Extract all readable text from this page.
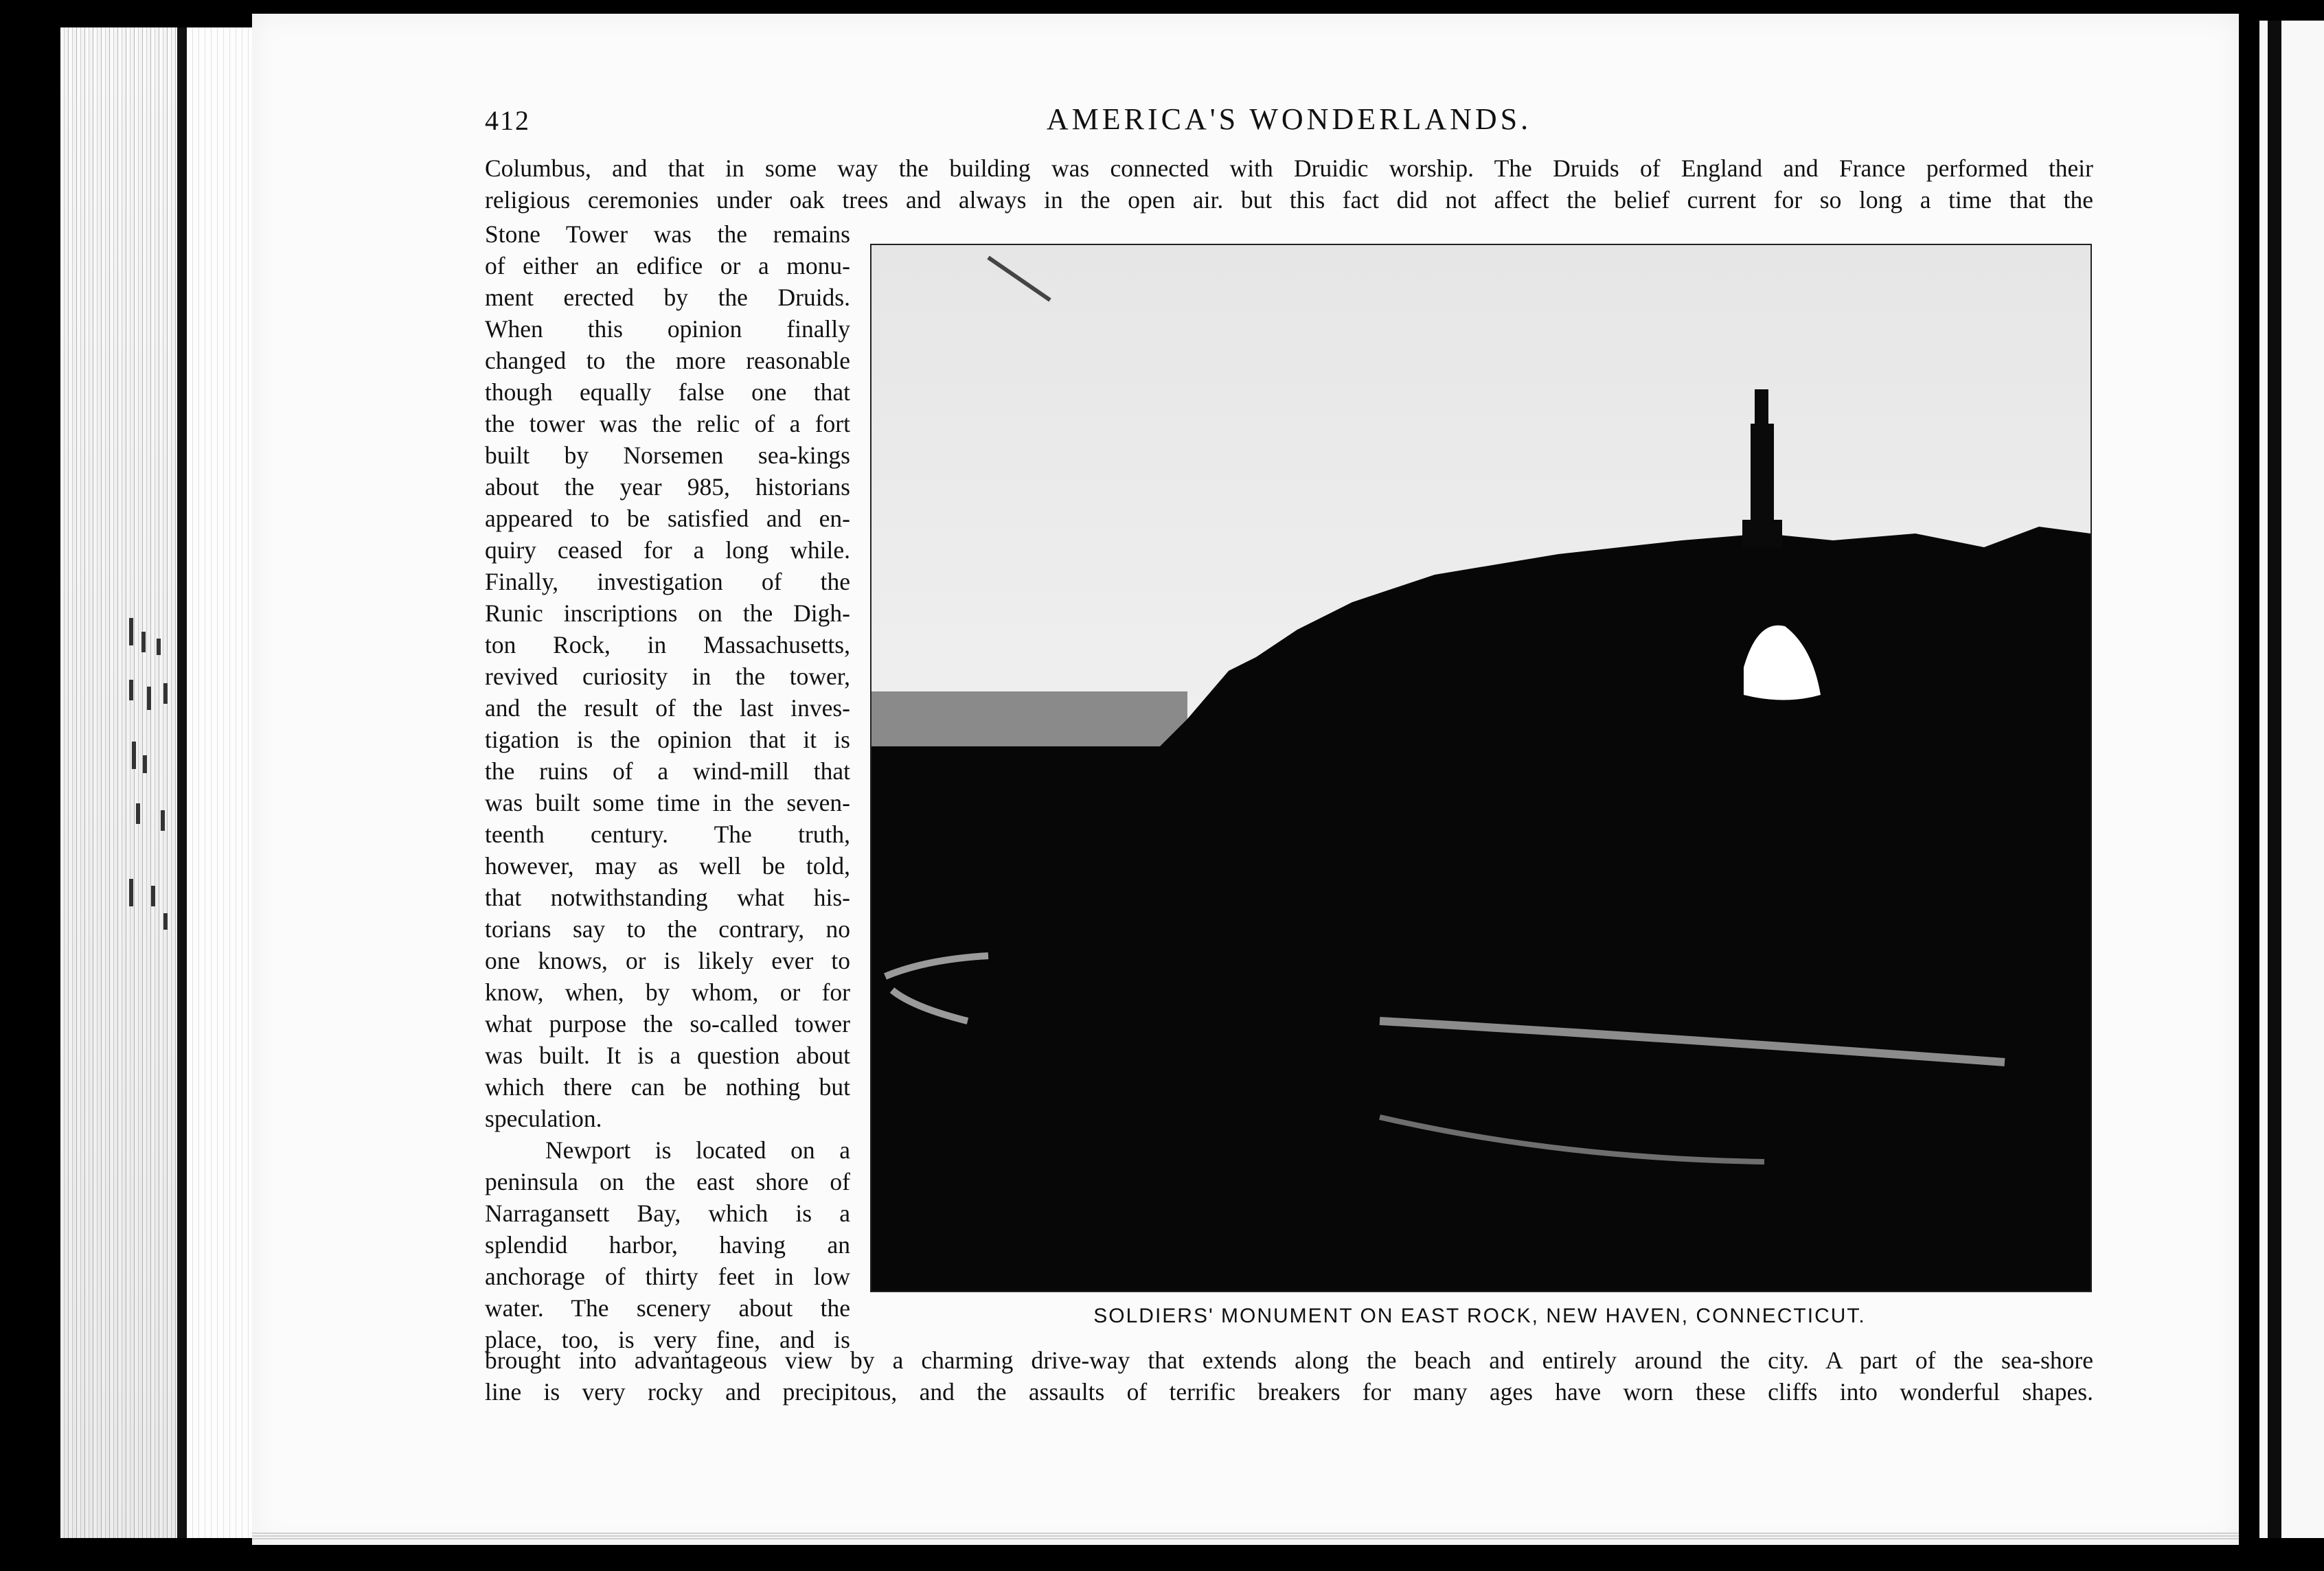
412	AMERICA'S WONDERLANDS.
Columbus, and that in some way the building was connected with Druidic worship. The Druids of England and France performed their
religious ceremonies under oak trees and always in the open air. but this fact did not affect the belief current for so long a time that the
Stone Tower was the remains
of either an edifice or a monu-
ment erected by the Druids.
When this opinion finally
changed to the more reasonable
though equally false one that
the tower was the relic of a fort
built by Norsemen sea-kings
about the year 985, historians
appeared to be satisfied and en-
quiry ceased for a long while.
Finally, investigation of the
Runic inscriptions on the Digh-
ton Rock, in Massachusetts,
revived curiosity in the tower,
and the result of the last inves-
tigation is the opinion that it is
the ruins of a wind-mill that
was built some time in the seven-
teenth century. The truth,
however, may as well be told,
that notwithstanding what his-
torians say to the contrary, no
one knows, or is likely ever to
know, when, by whom, or for
what purpose the so-called tower
was built. It is a question about
which there can be nothing but
speculation.
Newport is located on a
peninsula on the east shore of
Narragansett Bay, which is a
splendid harbor, having an
anchorage of thirty feet in low
water. The scenery about the
place, too, is very fine, and is
brought into advantageous view by a charming drive-way that extends along the beach and entirely around the city. A part of the sea-shore
line is very rocky and precipitous, and the assaults of terrific breakers for many ages have worn these cliffs into wonderful shapes.
SOLDIERS' MONUMENT ON EAST ROCK, NEW HAVEN, CONNECTICUT.
